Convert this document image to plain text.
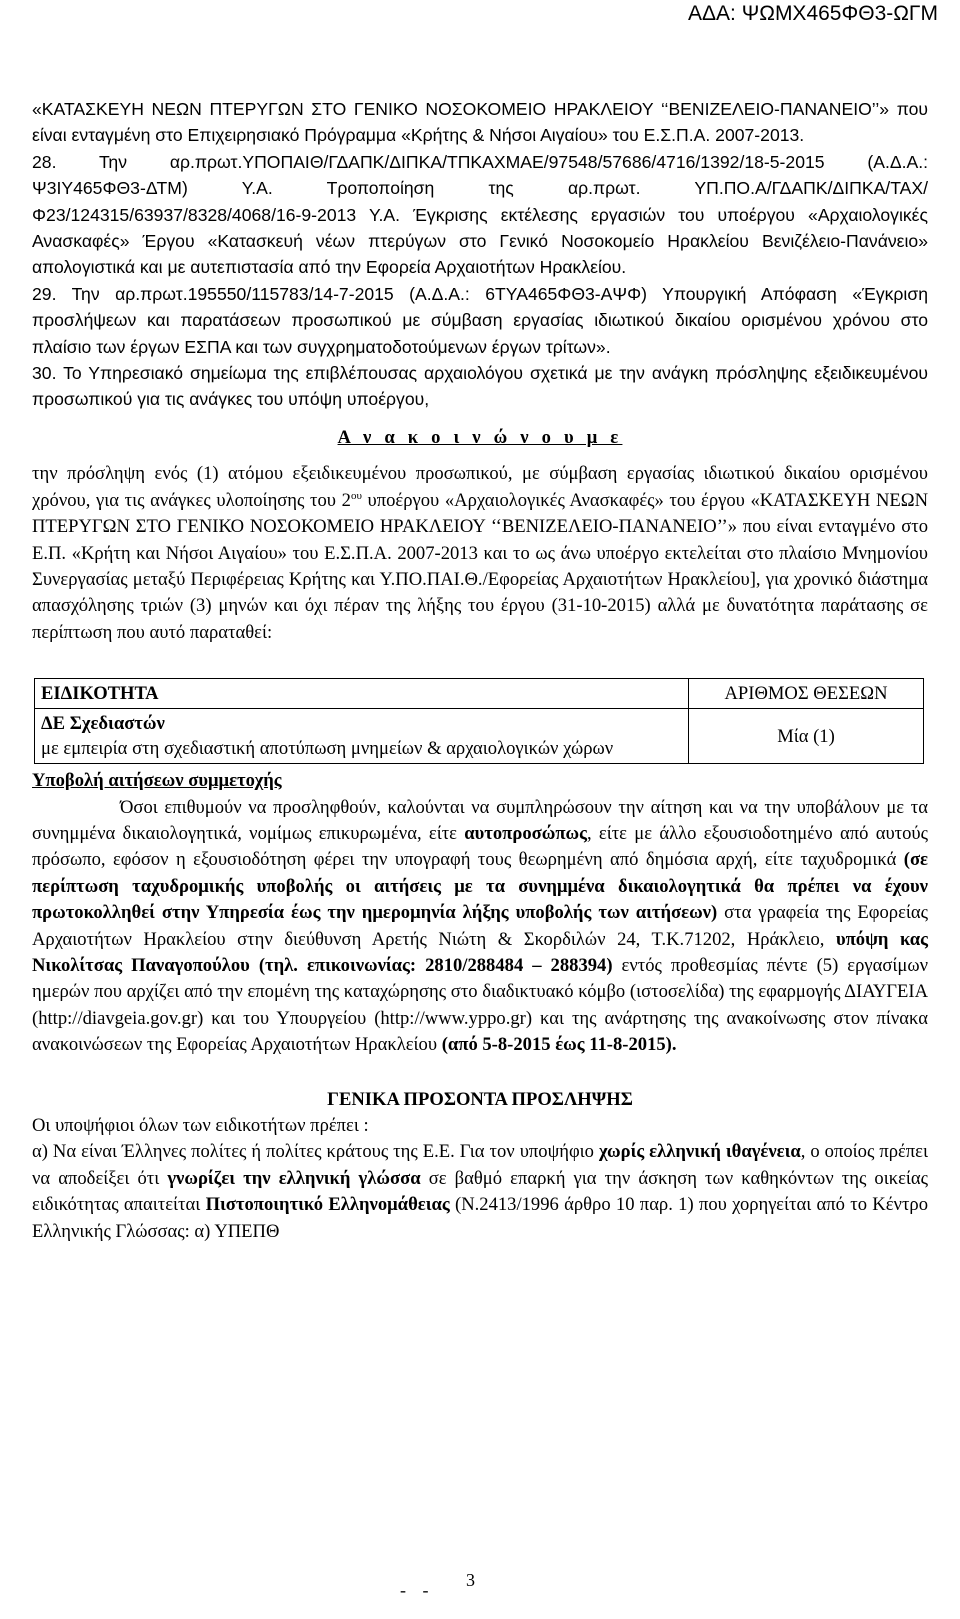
ΑΔΑ: ΨΩΜΧ465ΦΘ3-ΩΓΜ

«ΚΑΤΑΣΚΕΥΗ ΝΕΩΝ ΠΤΕΡΥΓΩΝ ΣΤΟ ΓΕΝΙΚΟ ΝΟΣΟΚΟΜΕΙΟ ΗΡΑΚΛΕΙΟΥ ‘‘ΒΕΝΙΖΕΛΕΙΟ-ΠΑΝΑΝΕΙΟ’’» που είναι ενταγμένη στο Επιχειρησιακό Πρόγραμμα «Κρήτης & Νήσοι Αιγαίου» του Ε.Σ.Π.Α. 2007-2013.

28. Την αρ.πρωτ.ΥΠΟΠΑΙΘ/ΓΔΑΠΚ/ΔΙΠΚΑ/ΤΠΚΑΧΜΑΕ/97548/57686/4716/1392/18-5-2015 (Α.Δ.Α.: Ψ3ΙΥ465ΦΘ3-ΔΤΜ) Υ.Α. Τροποποίηση της αρ.πρωτ. ΥΠ.ΠΟ.Α/ΓΔΑΠΚ/ΔΙΠΚΑ/ΤΑΧ/Φ23/124315/63937/8328/4068/16-9-2013 Υ.Α. Έγκρισης εκτέλεσης εργασιών του υποέργου «Αρχαιολογικές Ανασκαφές» Έργου «Κατασκευή νέων πτερύγων στο Γενικό Νοσοκομείο Ηρακλείου Βενιζέλειο-Πανάνειο» απολογιστικά και με αυτεπιστασία από την Εφορεία Αρχαιοτήτων Ηρακλείου.

29. Την αρ.πρωτ.195550/115783/14-7-2015 (Α.Δ.Α.: 6ΤΥΑ465ΦΘ3-ΑΨΦ) Υπουργική Απόφαση «Έγκριση προσλήψεων και παρατάσεων προσωπικού με σύμβαση εργασίας ιδιωτικού δικαίου ορισμένου χρόνου στο πλαίσιο των έργων ΕΣΠΑ και των συγχρηματοδοτούμενων έργων τρίτων».

30. Το Υπηρεσιακό σημείωμα της επιβλέπουσας αρχαιολόγου σχετικά με την ανάγκη πρόσληψης εξειδικευμένου προσωπικού για τις ανάγκες του υπόψη υποέργου,

Α ν α κ ο ι ν ώ ν ο υ μ ε

την πρόσληψη ενός (1) ατόμου εξειδικευμένου προσωπικού, με σύμβαση εργασίας ιδιωτικού δικαίου ορισμένου χρόνου, για τις ανάγκες υλοποίησης του $2^{o\upsilon}$ υποέργου «Αρχαιολογικές Ανασκαφές» του έργου «ΚΑΤΑΣΚΕΥΗ ΝΕΩΝ ΠΤΕΡΥΓΩΝ ΣΤΟ ΓΕΝΙΚΟ ΝΟΣΟΚΟΜΕΙΟ ΗΡΑΚΛΕΙΟΥ ‘‘ΒΕΝΙΖΕΛΕΙΟ-ΠΑΝΑΝΕΙΟ’’» που είναι ενταγμένο στο Ε.Π. «Κρήτη και Νήσοι Αιγαίου» του Ε.Σ.Π.Α. 2007-2013 και το ως άνω υποέργο εκτελείται στο πλαίσιο Μνημονίου Συνεργασίας μεταξύ Περιφέρειας Κρήτης και Υ.ΠΟ.ΠΑΙ.Θ./Εφορείας Αρχαιοτήτων Ηρακλείου], για χρονικό διάστημα απασχόλησης τριών (3) μηνών και όχι πέραν της λήξης του έργου (31-10-2015) αλλά με δυνατότητα παράτασης σε περίπτωση που αυτό παραταθεί:

ΕΙΔΙΚΟΤΗΤΑ	ΑΡΙΘΜΟΣ ΘΕΣΕΩΝ

ΔΕ Σχεδιαστών
με εμπειρία στη σχεδιαστική αποτύπωση μνημείων & αρχαιολογικών χώρων	Μία (1)
Υποβολή αιτήσεων συμμετοχής

Όσοι επιθυμούν να προσληφθούν, καλούνται να συμπληρώσουν την αίτηση και να την υποβάλουν με τα συνημμένα δικαιολογητικά, νομίμως επικυρωμένα, είτε αυτοπροσώπως, είτε με άλλο εξουσιοδοτημένο από αυτούς πρόσωπο, εφόσον η εξουσιοδότηση φέρει την υπογραφή τους θεωρημένη από δημόσια αρχή, είτε ταχυδρομικά (σε περίπτωση ταχυδρομικής υποβολής οι αιτήσεις με τα συνημμένα δικαιολογητικά θα πρέπει να έχουν πρωτοκολληθεί στην Υπηρεσία έως την ημερομηνία λήξης υποβολής των αιτήσεων) στα γραφεία της Εφορείας Αρχαιοτήτων Ηρακλείου στην διεύθυνση Αρετής Νιώτη & Σκορδιλών 24, Τ.Κ.71202, Ηράκλειο, υπόψη κας Νικολίτσας Παναγοπούλου (τηλ. επικοινωνίας: 2810/288484 – 288394) εντός προθεσμίας πέντε (5) εργασίμων ημερών που αρχίζει από την επομένη της καταχώρησης στο διαδικτυακό κόμβο (ιστοσελίδα) της εφαρμογής ΔΙΑΥΓΕΙΑ (http://diavgeia.gov.gr) και του Υπουργείου (http://www.yppo.gr) και της ανάρτησης της ανακοίνωσης στον πίνακα ανακοινώσεων της Εφορείας Αρχαιοτήτων Ηρακλείου (από 5-8-2015 έως 11-8-2015).

ΓΕΝΙΚΑ ΠΡΟΣΟΝΤΑ ΠΡΟΣΛΗΨΗΣ

Οι υποψήφιοι όλων των ειδικοτήτων πρέπει :

α) Να είναι Έλληνες πολίτες ή πολίτες κράτους της Ε.Ε. Για τον υποψήφιο χωρίς ελληνική ιθαγένεια, ο οποίος πρέπει να αποδείξει ότι γνωρίζει την ελληνική γλώσσα σε βαθμό επαρκή για την άσκηση των καθηκόντων της οικείας ειδικότητας απαιτείται Πιστοποιητικό Ελληνομάθειας (Ν.2413/1996 άρθρο 10 παρ. 1) που χορηγείται από το Κέντρο Ελληνικής Γλώσσας: α) ΥΠΕΠΘ

- - 3
